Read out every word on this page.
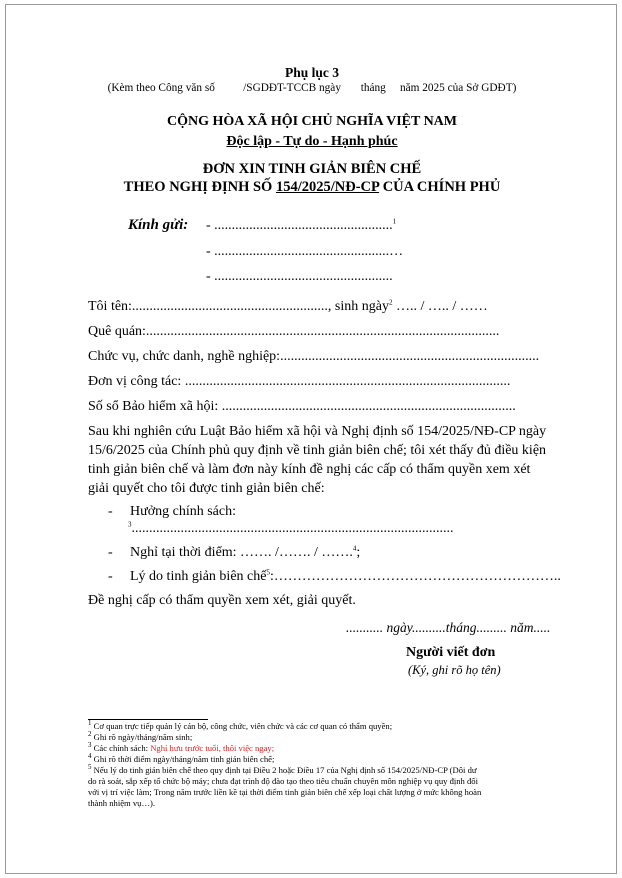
Phụ lục 3
(Kèm theo Công văn số          /SGDĐT-TCCB ngày       tháng     năm 2025 của Sở GDĐT)
CỘNG HÒA XÃ HỘI CHỦ NGHĨA VIỆT NAM
Độc lập - Tự do - Hạnh phúc
ĐƠN XIN TINH GIẢN BIÊN CHẾ
THEO NGHỊ ĐỊNH SỐ 154/2025/NĐ-CP CỦA CHÍNH PHỦ
Kính gửi: - ...................................................$^1$
- ..................................................…
- ...................................................
Tôi tên:........................................................, sinh ngày$^2$ ….. / ….. / ……
Quê quán:.....................................................................................................
Chức vụ, chức danh, nghề nghiệp:..........................................................................
Đơn vị công tác: .............................................................................................
Số sổ Bảo hiểm xã hội: ....................................................................................
Sau khi nghiên cứu Luật Bảo hiểm xã hội và Nghị định số 154/2025/NĐ-CP ngày
15/6/2025 của Chính phủ quy định về tinh giản biên chế; tôi xét thấy đủ điều kiện
tinh giản biên chế và làm đơn này kính đề nghị các cấp có thẩm quyền xem xét
giải quyết cho tôi được tinh giản biên chế:
- Hưởng chính sách:
$^3$............................................................................................
- Nghỉ tại thời điểm: ……. /……. / …….$^4$;
- Lý do tinh giản biên chế$^5$:……………………………………………………..
Đề nghị cấp có thẩm quyền xem xét, giải quyết.
........... ngày..........tháng......... năm.....
Người viết đơn
(Ký, ghi rõ họ tên)
$^1$ Cơ quan trực tiếp quản lý cán bộ, công chức, viên chức và các cơ quan có thẩm quyền;
$^2$ Ghi rõ ngày/tháng/năm sinh;
$^3$ Các chính sách: Nghỉ hưu trước tuổi, thôi việc ngay;
$^4$ Ghi rõ thời điểm ngày/tháng/năm tinh giản biên chế;
$^5$ Nếu lý do tinh giản biên chế theo quy định tại Điều 2 hoặc Điều 17 của Nghị định số 154/2025/NĐ-CP (Dôi dư
do rà soát, sắp xếp tổ chức bộ máy; chưa đạt trình độ đào tạo theo tiêu chuẩn chuyên môn nghiệp vụ quy định đối
với vị trí việc làm; Trong năm trước liền kề tại thời điểm tinh giản biên chế xếp loại chất lượng ở mức không hoàn
thành nhiệm vụ…).
